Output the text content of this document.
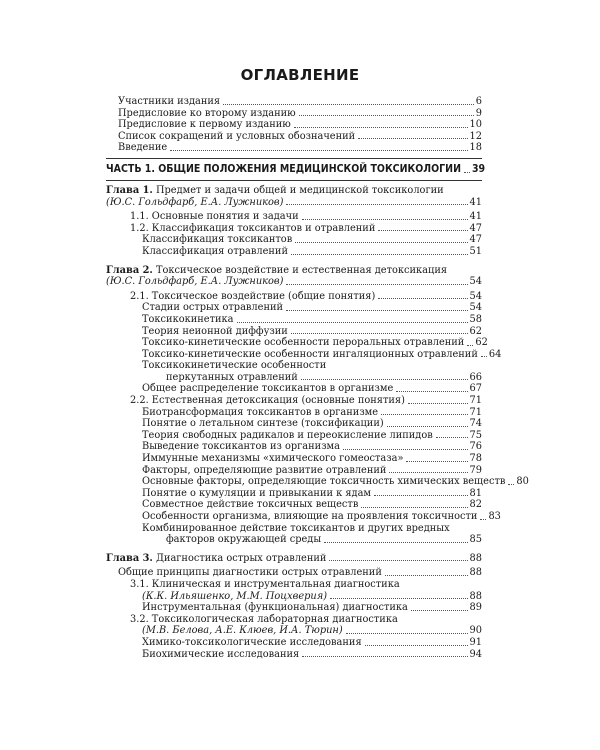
ОГЛАВЛЕНИЕ
Участники издания	6
Предисловие ко второму изданию	9
Предисловие к первому изданию	10
Список сокращений и условных обозначений	12
Введение	18
ЧАСТЬ 1. ОБЩИЕ ПОЛОЖЕНИЯ МЕДИЦИНСКОЙ ТОКСИКОЛОГИИ 39
Глава 1. Предмет и задачи общей и медицинской токсикологии
(Ю.С. Гольдфарб, Е.А. Лужников)	41
1.1. Основные понятия и задачи	41
1.2. Классификация токсикантов и отравлений	47
Классификация токсикантов	47
Классификация отравлений	51
Глава 2. Токсическое воздействие и естественная детоксикация
(Ю.С. Гольдфарб, Е.А. Лужников)	54
2.1. Токсическое воздействие (общие понятия)	54
Стадии острых отравлений	54
Токсикокинетика	58
Теория неионной диффузии	62
Токсико-кинетические особенности пероральных отравлений 62
Токсико-кинетические особенности ингаляционных отравлений 64
Токсикокинетические особенности
перкутанных отравлений	66
Общее распределение токсикантов в организме	67
2.2. Естественная детоксикация (основные понятия)	71
Биотрансформация токсикантов в организме	71
Понятие о летальном синтезе (токсификации)	74
Теория свободных радикалов и переокисление липидов	75
Выведение токсикантов из организма	76
Иммунные механизмы «химического гомеостаза»	78
Факторы, определяющие развитие отравлений	79
Основные факторы, определяющие токсичность химических веществ 80
Понятие о кумуляции и привыкании к ядам	81
Совместное действие токсичных веществ	82
Особенности организма, влияющие на проявления токсичности 83
Комбинированное действие токсикантов и других вредных
факторов окружающей среды	85
Глава 3. Диагностика острых отравлений	88
Общие принципы диагностики острых отравлений	88
3.1. Клиническая и инструментальная диагностика
(К.К. Ильяшенко, М.М. Поцхверия)	88
Инструментальная (функциональная) диагностика	89
3.2. Токсикологическая лабораторная диагностика
(М.В. Белова, А.Е. Клюев, И.А. Тюрин)	90
Химико-токсикологические исследования	91
Биохимические исследования	94
